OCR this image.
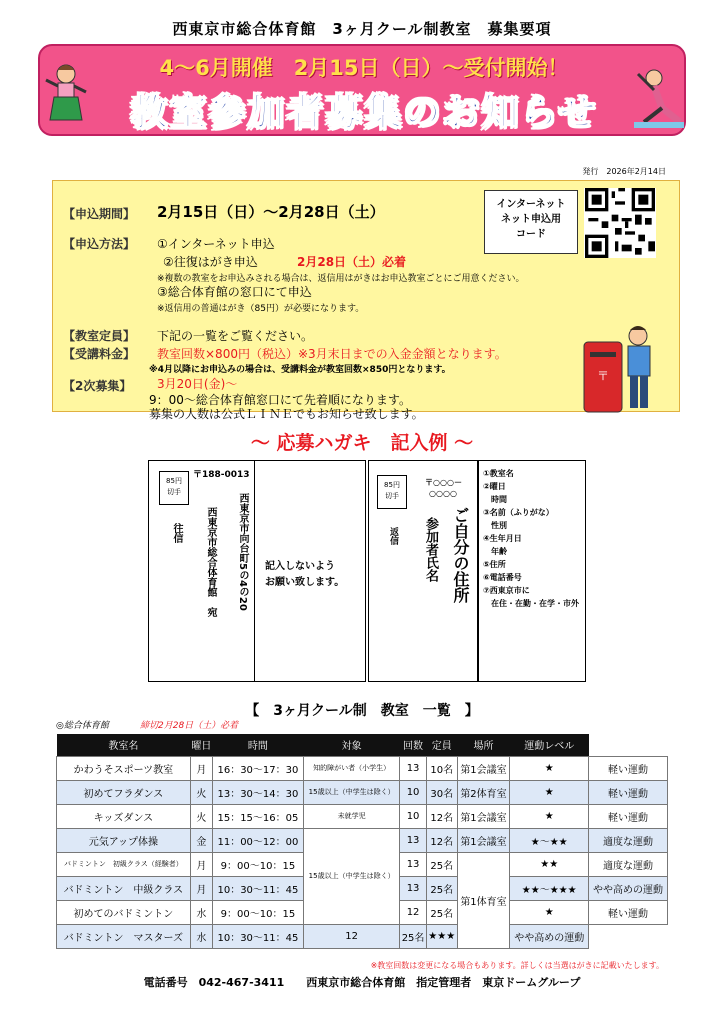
西東京市総合体育館　3ヶ月クール制教室　募集要項
4～6月開催　2月15日（日）～受付開始！
教室参加者募集のお知らせ
発行　2026年2月14日
【申込期間】 2月15日（日）～2月28日（土）
【申込方法】 ①インターネット申込
②往復はがき申込	2月28日（土）必着
※複数の教室をお申込みされる場合は、返信用はがきはお申込教室ごとにご用意ください。
③総合体育館の窓口にて申込
※返信用の普通はがき（85円）が必要になります。
【教室定員】 下記の一覧をご覧ください。
【受講料金】 教室回数×800円（税込）※3月末日までの入金金額となります。
※4月以降にお申込みの場合は、受講料金が教室回数×850円となります。
【2次募集】 3月20日(金)～
9：00～総合体育館窓口にて先着順になります。
募集の人数は公式ＬＩＮＥでもお知らせ致します。
インターネット
ネット申込用
コード
〒
～ 応募ハガキ　記入例 ～
85円
切手
〒188-0013
往信	西東京市向台町5の4の20
西東京市総合体育館　宛	記入しないよう
お願い致します。
85円
切手
〒○○○－
○○○○
返信 参加者氏名 ご自分の住所
①教室名
②曜日
　時間
③名前（ふりがな）
　性別
④生年月日
　年齢
⑤住所
⑥電話番号
⑦西東京市に
　在住・在勤・在学・市外
【　3ヶ月クール制　教室　一覧　】
◎総合体育館	締切2月28日（土）必着
教室名	曜日	時間	対象	回数	定員	場所	運動レベル	
かわうそスポーツ教室	月	16：30～17：30	知的障がい者（小学生）	13	10名	第1会議室	★	軽い運動
初めてフラダンス	火	13：30～14：30	15歳以上（中学生は除く）	10	30名	第2体育室	★	軽い運動
キッズダンス	火	15：15～16：05	未就学児	10	12名	第1会議室	★	軽い運動
元気アップ体操	金	11：00～12：00	15歳以上（中学生は除く）	13	12名	第1会議室	★～★★	適度な運動
バドミントン　初級クラス（経験者）	月	9：00～10：15		13	25名	第1体育室	★★	適度な運動
バドミントン　中級クラス	月	10：30～11：45		13	25名		★★～★★★	やや高めの運動
初めてのバドミントン	水	9：00～10：15		12	25名		★	軽い運動
バドミントン　マスターズ	水	10：30～11：45	12	25名	★★★		やや高めの運動	
※教室回数は変更になる場合もあります。詳しくは当選はがきに記載いたします。
電話番号　042-467-3411　　西東京市総合体育館　指定管理者　東京ドームグループ
